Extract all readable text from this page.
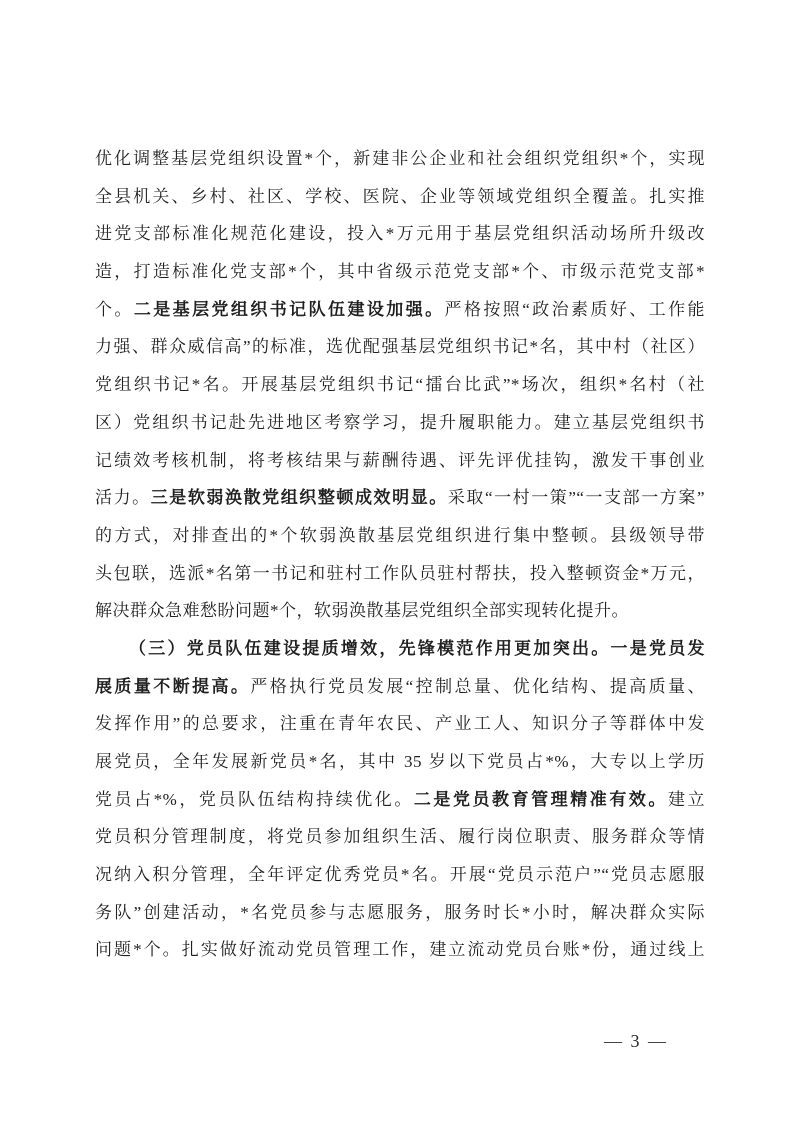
优化调整基层党组织设置*个，新建非公企业和社会组织党组织*个，实现
全县机关、乡村、社区、学校、医院、企业等领域党组织全覆盖。扎实推
进党支部标准化规范化建设，投入*万元用于基层党组织活动场所升级改
造，打造标准化党支部*个，其中省级示范党支部*个、市级示范党支部*
个。二是基层党组织书记队伍建设加强。严格按照“政治素质好、工作能
力强、群众威信高”的标准，选优配强基层党组织书记*名，其中村（社区）
党组织书记*名。开展基层党组织书记“擂台比武”*场次，组织*名村（社
区）党组织书记赴先进地区考察学习，提升履职能力。建立基层党组织书
记绩效考核机制，将考核结果与薪酬待遇、评先评优挂钩，激发干事创业
活力。三是软弱涣散党组织整顿成效明显。采取“一村一策”“一支部一方案”
的方式，对排查出的*个软弱涣散基层党组织进行集中整顿。县级领导带
头包联，选派*名第一书记和驻村工作队员驻村帮扶，投入整顿资金*万元，
解决群众急难愁盼问题*个，软弱涣散基层党组织全部实现转化提升。
（三）党员队伍建设提质增效，先锋模范作用更加突出。一是党员发
展质量不断提高。严格执行党员发展“控制总量、优化结构、提高质量、
发挥作用”的总要求，注重在青年农民、产业工人、知识分子等群体中发
展党员，全年发展新党员*名，其中 35 岁以下党员占*%，大专以上学历
党员占*%，党员队伍结构持续优化。二是党员教育管理精准有效。建立
党员积分管理制度，将党员参加组织生活、履行岗位职责、服务群众等情
况纳入积分管理，全年评定优秀党员*名。开展“党员示范户”“党员志愿服
务队”创建活动，*名党员参与志愿服务，服务时长*小时，解决群众实际
问题*个。扎实做好流动党员管理工作，建立流动党员台账*份，通过线上
— 3 —
